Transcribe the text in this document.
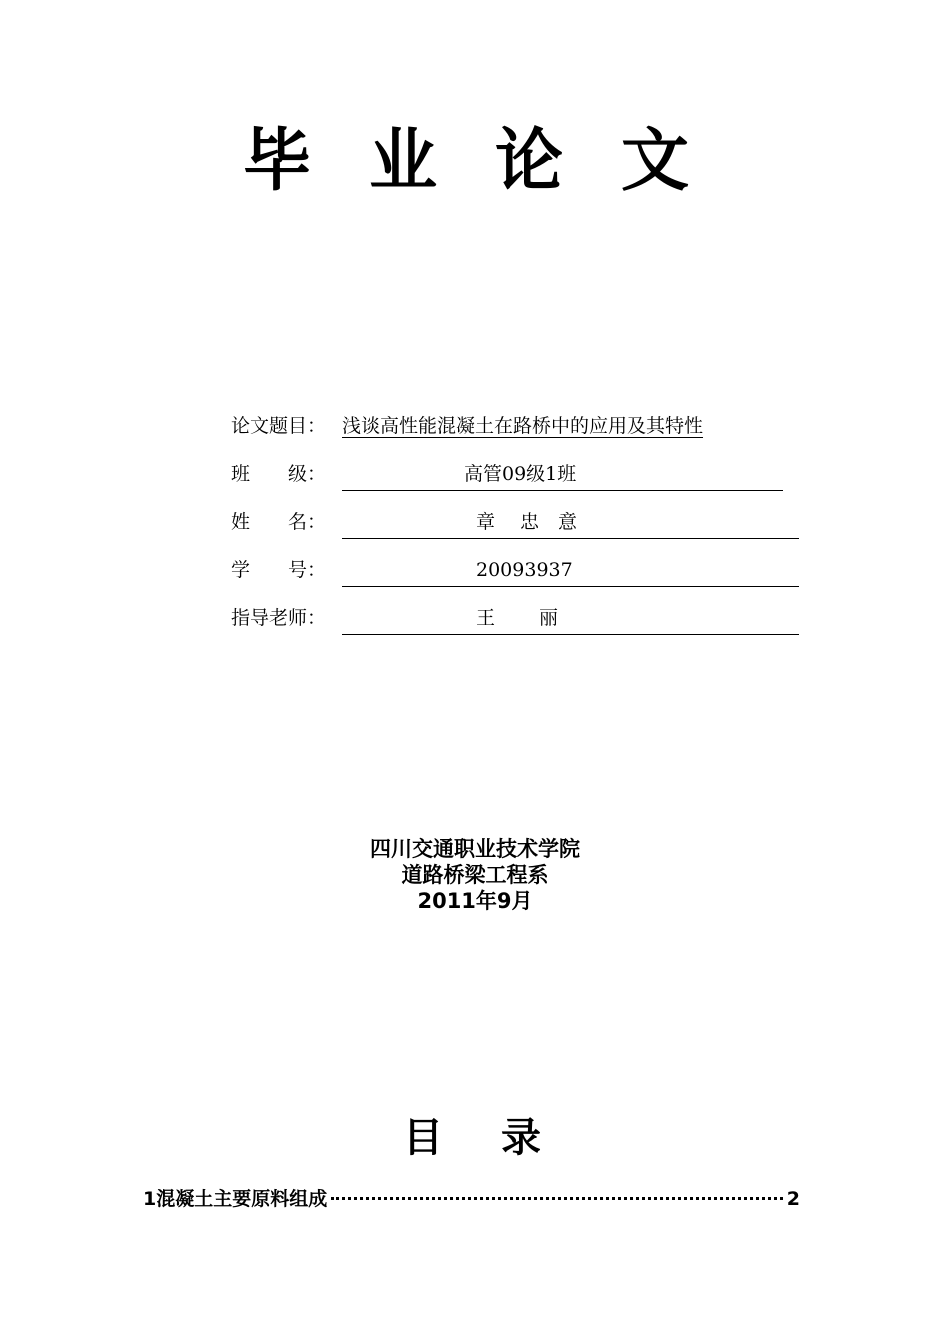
毕业论文
论文题目： 浅谈高性能混凝土在路桥中的应用及其特性
班　　级：	高管09级1班
姓　　名：	章　 忠　意
学　　号：	20093937
指导老师：	王　　 丽
四川交通职业技术学院
道路桥梁工程系
2011年9月
目录
1混凝土主要原料组成	2
